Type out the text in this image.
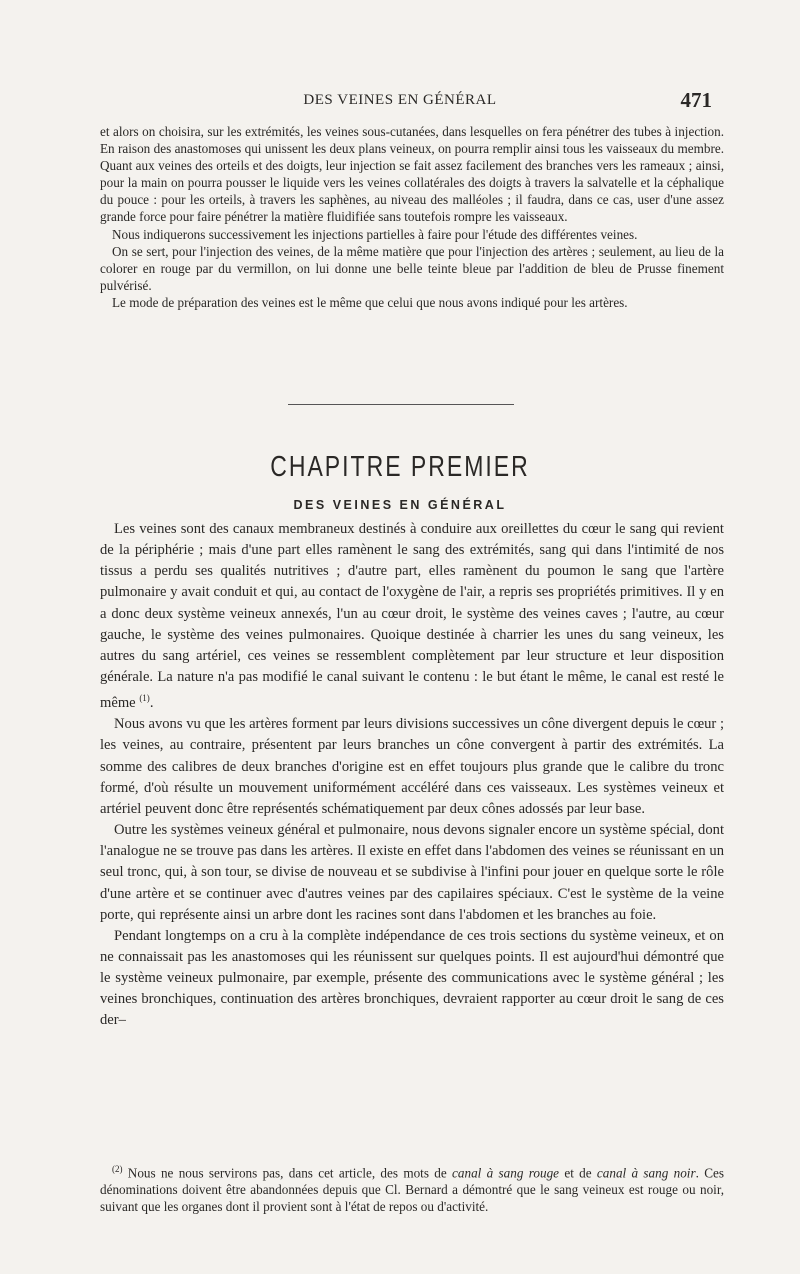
DES VEINES EN GÉNÉRAL	471

et alors on choisira, sur les extrémités, les veines sous-cutanées, dans lesquelles on fera pénétrer des tubes à injection. En raison des anastomoses qui unissent les deux plans veineux, on pourra remplir ainsi tous les vaisseaux du membre. Quant aux veines des orteils et des doigts, leur injection se fait assez facilement des branches vers les rameaux ; ainsi, pour la main on pourra pousser le liquide vers les veines collatérales des doigts à travers la salvatelle et la céphalique du pouce : pour les orteils, à travers les saphènes, au niveau des malléoles ; il faudra, dans ce cas, user d'une assez grande force pour faire pénétrer la matière fluidifiée sans toutefois rompre les vaisseaux.

Nous indiquerons successivement les injections partielles à faire pour l'étude des différentes veines.

On se sert, pour l'injection des veines, de la même matière que pour l'injection des artères ; seulement, au lieu de la colorer en rouge par du vermillon, on lui donne une belle teinte bleue par l'addition de bleu de Prusse finement pulvérisé.

Le mode de préparation des veines est le même que celui que nous avons indiqué pour les artères.

CHAPITRE PREMIER
DES VEINES EN GÉNÉRAL

Les veines sont des canaux membraneux destinés à conduire aux oreillettes du cœur le sang qui revient de la périphérie ; mais d'une part elles ramènent le sang des extrémités, sang qui dans l'intimité de nos tissus a perdu ses qualités nutritives ; d'autre part, elles ramènent du poumon le sang que l'artère pulmonaire y avait conduit et qui, au contact de l'oxygène de l'air, a repris ses propriétés primitives. Il y en a donc deux système veineux annexés, l'un au cœur droit, le système des veines caves ; l'autre, au cœur gauche, le système des veines pulmonaires. Quoique destinée à charrier les unes du sang veineux, les autres du sang artériel, ces veines se ressemblent complètement par leur structure et leur disposition générale. La nature n'a pas modifié le canal suivant le contenu : le but étant le même, le canal est resté le même $^{(1)}$.

Nous avons vu que les artères forment par leurs divisions successives un cône divergent depuis le cœur ; les veines, au contraire, présentent par leurs branches un cône convergent à partir des extrémités. La somme des calibres de deux branches d'origine est en effet toujours plus grande que le calibre du tronc formé, d'où résulte un mouvement uniformément accéléré dans ces vaisseaux. Les systèmes veineux et artériel peuvent donc être représentés schématiquement par deux cônes adossés par leur base.

Outre les systèmes veineux général et pulmonaire, nous devons signaler encore un système spécial, dont l'analogue ne se trouve pas dans les artères. Il existe en effet dans l'abdomen des veines se réunissant en un seul tronc, qui, à son tour, se divise de nouveau et se subdivise à l'infini pour jouer en quelque sorte le rôle d'une artère et se continuer avec d'autres veines par des capilaires spéciaux. C'est le système de la veine porte, qui représente ainsi un arbre dont les racines sont dans l'abdomen et les branches au foie.

Pendant longtemps on a cru à la complète indépendance de ces trois sections du système veineux, et on ne connaissait pas les anastomoses qui les réunissent sur quelques points. Il est aujourd'hui démontré que le système veineux pulmonaire, par exemple, présente des communications avec le système général ; les veines bronchiques, continuation des artères bronchiques, devraient rapporter au cœur droit le sang de ces der–

$^{(2)}$ Nous ne nous servirons pas, dans cet article, des mots de canal à sang rouge et de canal à sang noir. Ces dénominations doivent être abandonnées depuis que Cl. Bernard a démontré que le sang veineux est rouge ou noir, suivant que les organes dont il provient sont à l'état de repos ou d'activité.
